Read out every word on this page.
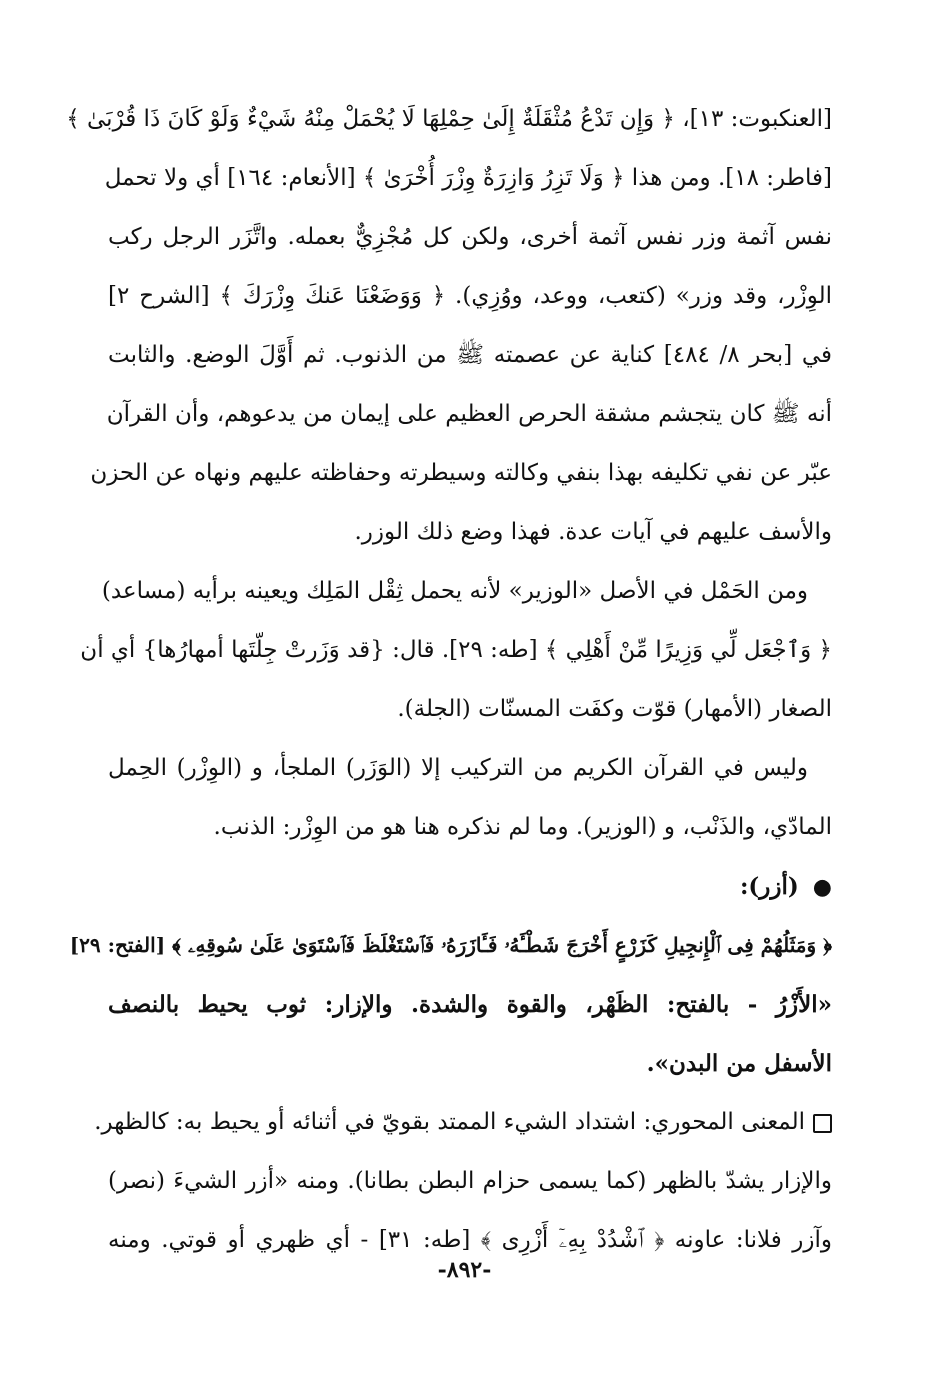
[العنكبوت: ١٣]، ﴿ وَإِن تَدْعُ مُثْقَلَةٌ إِلَىٰ حِمْلِهَا لَا يُحْمَلْ مِنْهُ شَيْءٌ وَلَوْ كَانَ ذَا قُرْبَىٰ ﴾
[فاطر: ١٨]. ومن هذا ﴿ وَلَا تَزِرُ وَازِرَةٌ وِزْرَ أُخْرَىٰ ﴾ [الأنعام: ١٦٤] أي ولا تحمل
نفس آثمة وزر نفس آثمة أخرى، ولكن كل مُجْزِيٌّ بعمله. واتَّزَر الرجل ركب
الوِزْر، وقد وزر» (كتعب، ووعد، ووُزِي). ﴿ وَوَضَعْنَا عَنكَ وِزْرَكَ ﴾ [الشرح ٢]
في [بحر ٨/ ٤٨٤] كناية عن عصمته ﷺ من الذنوب. ثم أَوَّلَ الوضع. والثابت
أنه ﷺ كان يتجشم مشقة الحرص العظيم على إيمان من يدعوهم، وأن القرآن
عبّر عن نفي تكليفه بهذا بنفي وكالته وسيطرته وحفاظته عليهم ونهاه عن الحزن
والأسف عليهم في آيات عدة. فهذا وضع ذلك الوزر.
ومن الحَمْل في الأصل «الوزير» لأنه يحمل ثِقْل المَلِك ويعينه برأيه (مساعد)
﴿ وَٱجْعَل لِّي وَزِيرًا مِّنْ أَهْلِي ﴾ [طه: ٢٩]. قال: {قد وَزَرتْ جِلّتَها أمهارُها} أي أن
الصغار (الأمهار) قوّت وكفَت المسنّات (الجلة).
وليس في القرآن الكريم من التركيب إلا (الوَزَر) الملجأ، و (الوِزْر) الحِمل
المادّي، والذَنْب، و (الوزير). وما لم نذكره هنا هو من الوِزْر: الذنب.
●(أزر):
﴿ وَمَثَلُهُمْ فِى ٱلْإِنجِيلِ كَزَرْعٍ أَخْرَجَ شَطْـَٔهُۥ فَـَٔازَرَهُۥ فَٱسْتَغْلَظَ فَٱسْتَوَىٰ عَلَىٰ سُوقِهِۦ ﴾ [الفتح: ٢٩]
«الأَزْرُ - بالفتح: الظَهْر، والقوة والشدة. والإزار: ثوب يحيط بالنصف
الأسفل من البدن».
المعنى المحوري: اشتداد الشيء الممتد بقويّ في أثنائه أو يحيط به: كالظهر.
والإزار يشدّ بالظهر (كما يسمى حزام البطن بطانا). ومنه «أزر الشيءَ (نصر)
وآزر فلانا: عاونه ﴿ ٱشْدُدْ بِهِۦٓ أَزْرِى ﴾ [طه: ٣١] - أي ظهري أو قوتي. ومنه
-٨٩٢-
